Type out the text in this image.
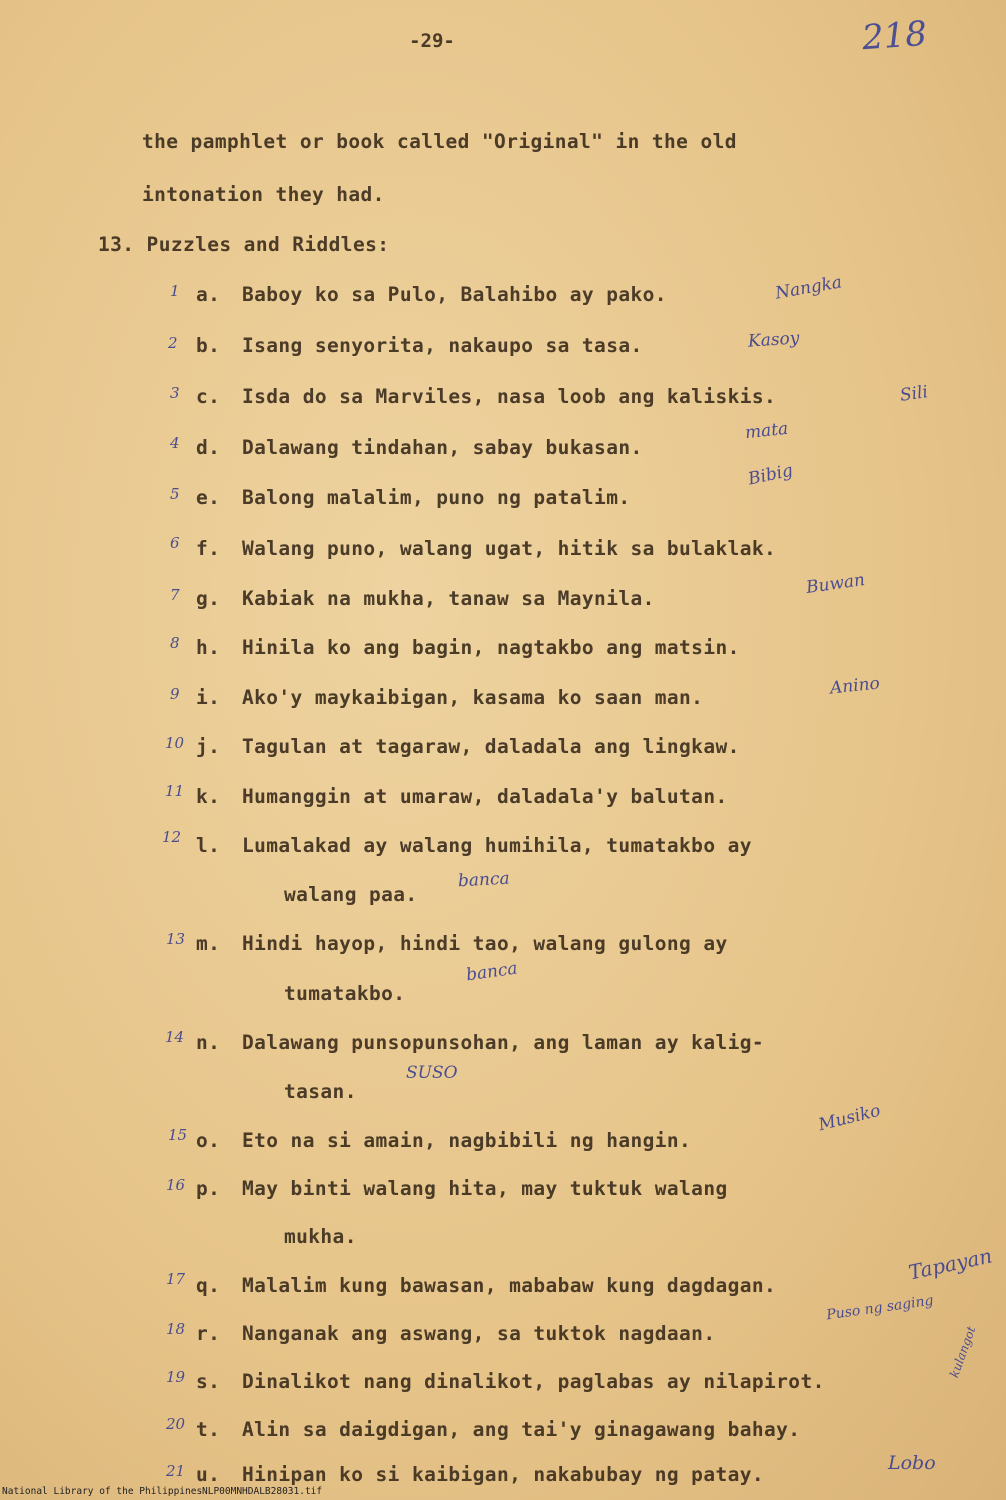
-29-	218
the pamphlet or book called "Original" in the old
intonation they had.
13. Puzzles and Riddles:
1 a. Baboy ko sa Pulo, Balahibo ay pako.	Nangka
2 b. Isang senyorita, nakaupo sa tasa.	Kasoy
3 c. Isda do sa Marviles, nasa loob ang kaliskis.	Sili
4 d. Dalawang tindahan, sabay bukasan.
mata
5 e. Balong malalim, puno ng patalim.
Bibig
6 f. Walang puno, walang ugat, hitik sa bulaklak.
7 g. Kabiak na mukha, tanaw sa Maynila.
Buwan
8 h. Hinila ko ang bagin, nagtakbo ang matsin.
9 i. Ako'y maykaibigan, kasama ko saan man.	Anino
10 j. Tagulan at tagaraw, daladala ang lingkaw.
11 k. Humanggin at umaraw, daladala'y balutan.
12 l. Lumalakad ay walang humihila, tumatakbo ay
walang paa.
banca
13 m. Hindi hayop, hindi tao, walang gulong ay
tumatakbo.
banca
14 n. Dalawang punsopunsohan, ang laman ay kalig-
tasan.
SUSO
15 o. Eto na si amain, nagbibili ng hangin.
Musiko
16 p. May binti walang hita, may tuktuk walang
mukha.
17 q. Malalim kung bawasan, mababaw kung dagdagan.
Tapayan
18 r. Nanganak ang aswang, sa tuktok nagdaan.
Puso ng saging
19 s. Dinalikot nang dinalikot, paglabas ay nilapirot.
kulangot
20 t. Alin sa daigdigan, ang tai'y ginagawang bahay.
21 u. Hinipan ko si kaibigan, nakabubay ng patay.	Lobo
National Library of the Philippines NLP00MNHDALB28031.tif
